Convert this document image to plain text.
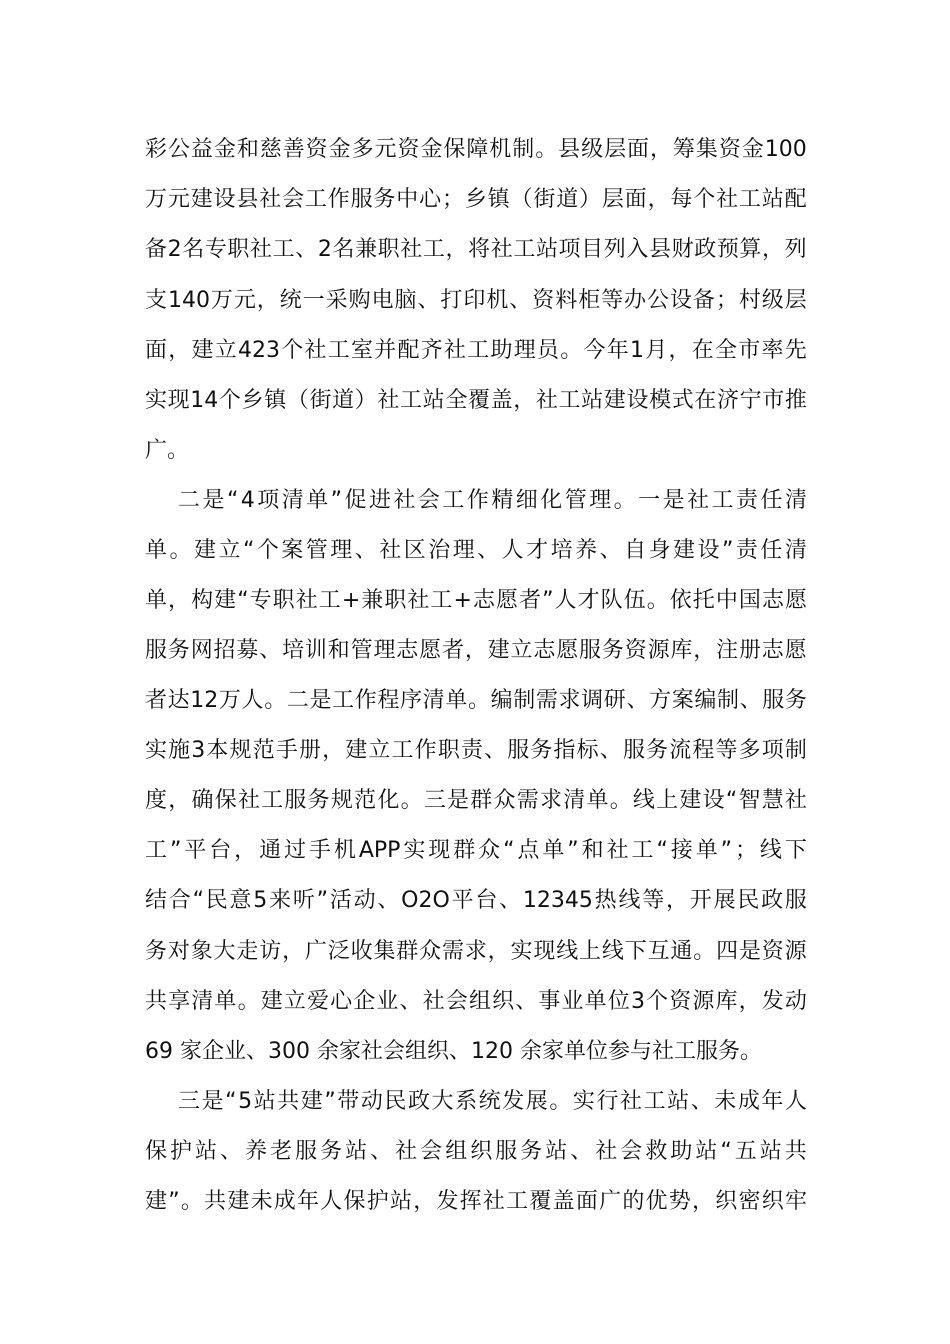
彩 公 益 金 和 慈 善 资 金 多 元 资 金 保 障 机 制 。 县 级 层 面 ， 筹 集 资 金 100
万 元 建 设 县 社 会 工 作 服 务 中 心 ； 乡 镇 （ 街 道 ） 层 面 ， 每 个 社 工 站 配
备 2 名 专 职 社 工 、 2 名 兼 职 社 工 ， 将 社 工 站 项 目 列 入 县 财 政 预 算 ， 列
支 140 万 元 ， 统 一 采 购 电 脑 、 打 印 机 、 资 料 柜 等 办 公 设 备 ； 村 级 层
面 ， 建 立 423 个 社 工 室 并 配 齐 社 工 助 理 员 。 今 年 1 月 ， 在 全 市 率 先
实 现 14 个 乡 镇 （ 街 道 ） 社 工 站 全 覆 盖 ， 社 工 站 建 设 模 式 在 济 宁 市 推
广。
二 是 “ 4 项 清 单 ” 促 进 社 会 工 作 精 细 化 管 理 。 一 是 社 工 责 任 清
单 。 建 立 “ 个 案 管 理 、 社 区 治 理 、 人 才 培 养 、 自 身 建 设 ” 责 任 清
单 ， 构 建 “ 专 职 社 工 + 兼 职 社 工 + 志 愿 者 ” 人 才 队 伍 。 依 托 中 国 志 愿
服 务 网 招 募 、 培 训 和 管 理 志 愿 者 ， 建 立 志 愿 服 务 资 源 库 ， 注 册 志 愿
者 达 12 万 人 。 二 是 工 作 程 序 清 单 。 编 制 需 求 调 研 、 方 案 编 制 、 服 务
实 施 3 本 规 范 手 册 ， 建 立 工 作 职 责 、 服 务 指 标 、 服 务 流 程 等 多 项 制
度 ， 确 保 社 工 服 务 规 范 化 。 三 是 群 众 需 求 清 单 。 线 上 建 设 “ 智 慧 社
工 ” 平 台 ， 通 过 手 机 APP 实 现 群 众 “ 点 单 ” 和 社 工 “ 接 单 ” ； 线 下
结 合 “ 民 意 5 来 听 ” 活 动 、 O2O 平 台 、 12345 热 线 等 ， 开 展 民 政 服
务 对 象 大 走 访 ， 广 泛 收 集 群 众 需 求 ， 实 现 线 上 线 下 互 通 。 四 是 资 源
共 享 清 单 。 建 立 爱 心 企 业 、 社 会 组 织 、 事 业 单 位 3 个 资 源 库 ， 发 动
69 家企业、300 余家社会组织、120 余家单位参与社工服务。
三 是 “ 5 站 共 建 ” 带 动 民 政 大 系 统 发 展 。 实 行 社 工 站 、 未 成 年 人
保 护 站 、 养 老 服 务 站 、 社 会 组 织 服 务 站 、 社 会 救 助 站 “ 五 站 共
建 ” 。 共 建 未 成 年 人 保 护 站 ， 发 挥 社 工 覆 盖 面 广 的 优 势 ， 织 密 织 牢
